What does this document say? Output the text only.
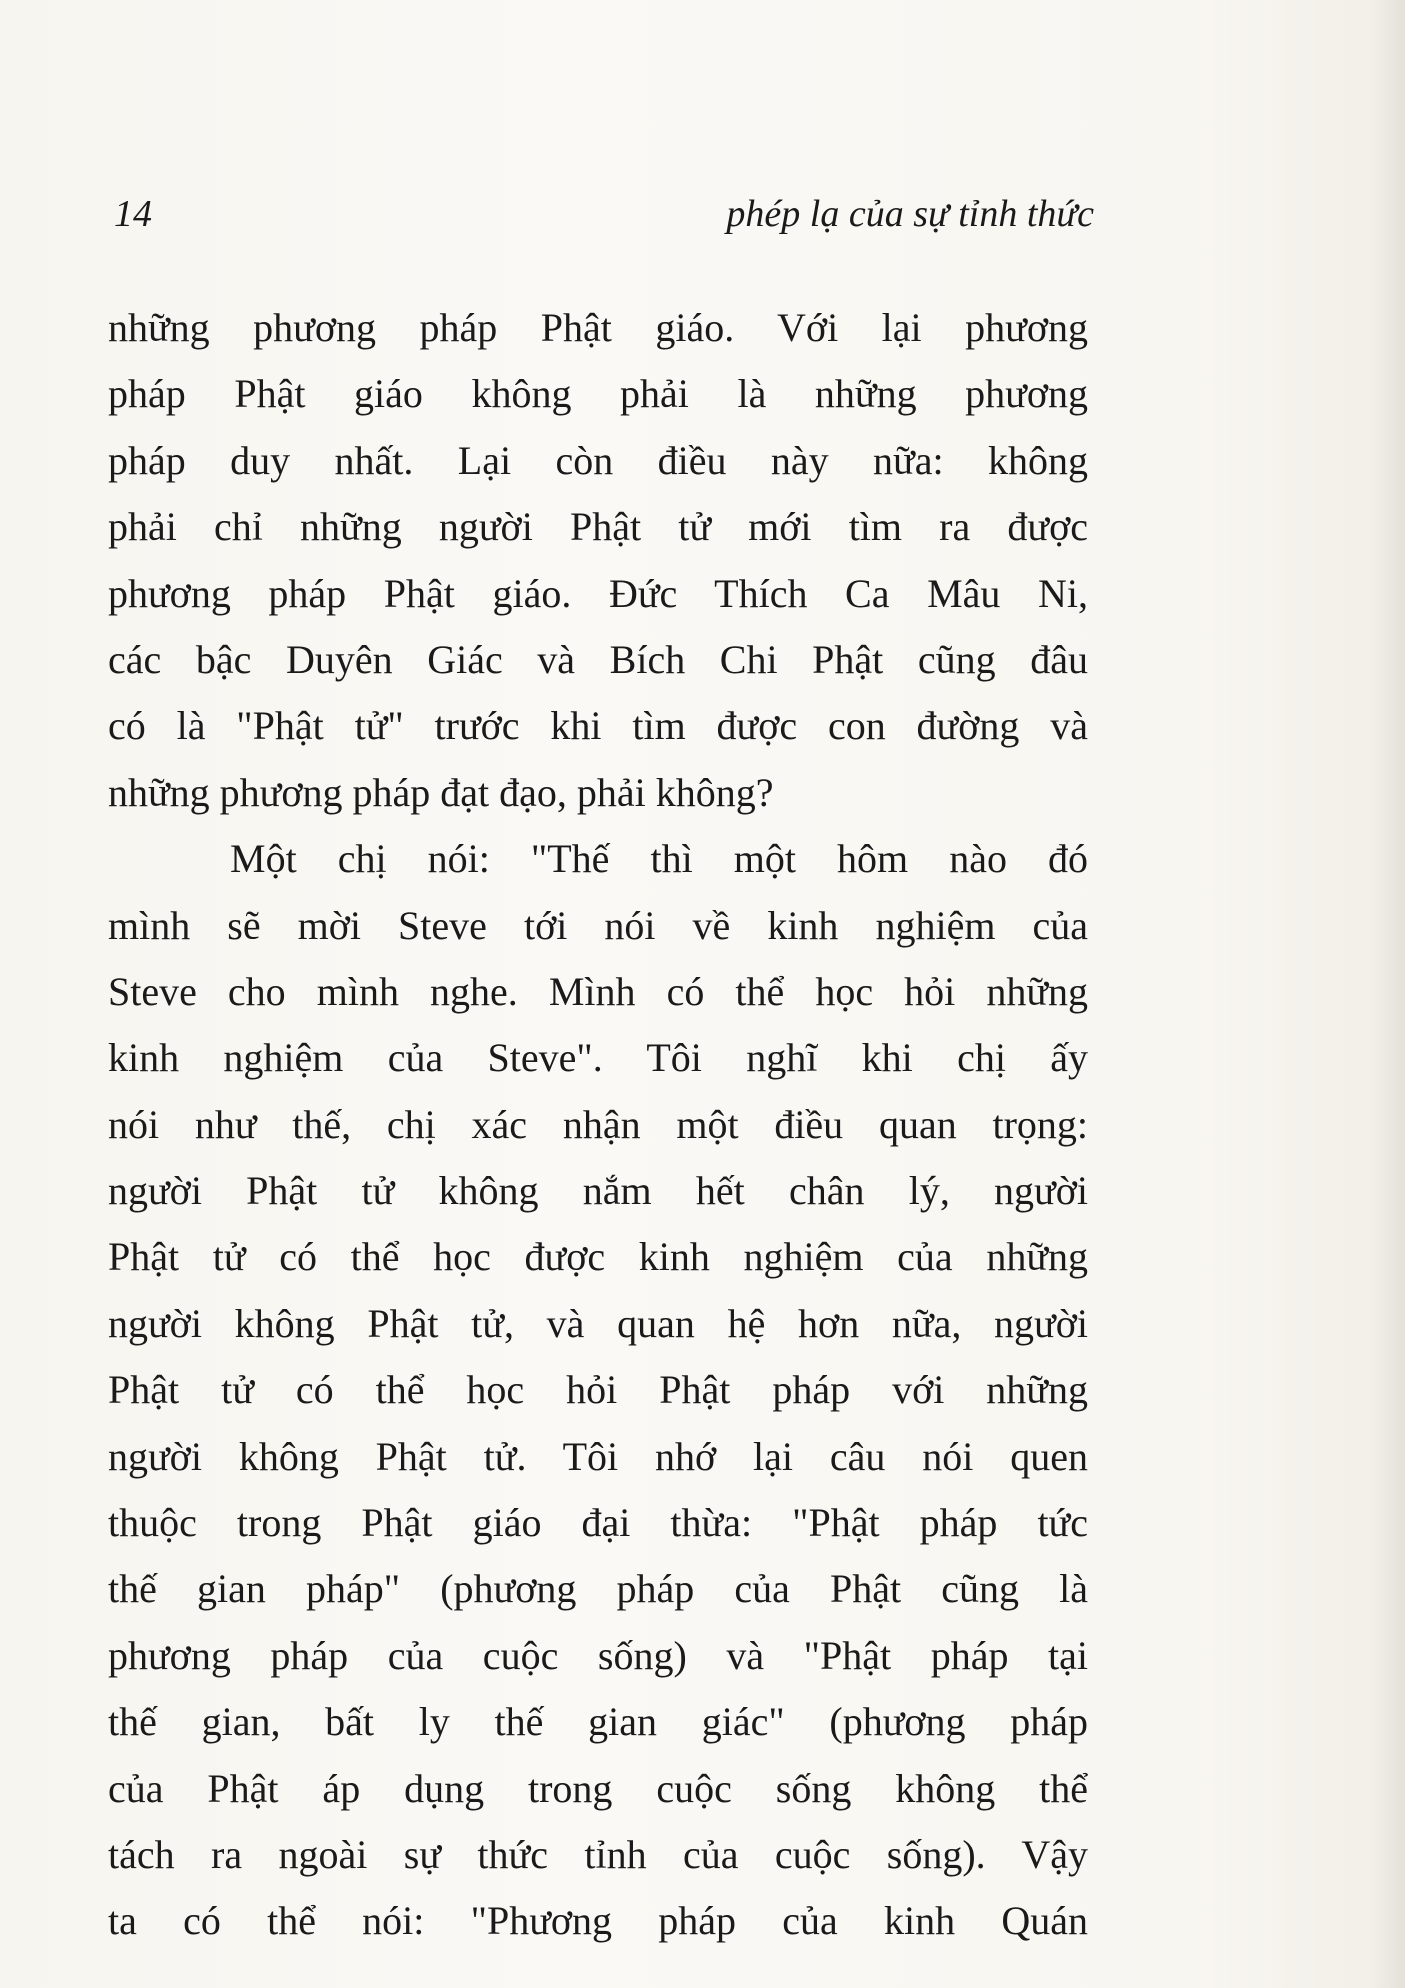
14	phép lạ của sự tỉnh thức
những phương pháp Phật giáo. Với lại phương
pháp Phật giáo không phải là những phương
pháp duy nhất. Lại còn điều này nữa: không
phải chỉ những người Phật tử mới tìm ra được
phương pháp Phật giáo. Đức Thích Ca Mâu Ni,
các bậc Duyên Giác và Bích Chi Phật cũng đâu
có là "Phật tử" trước khi tìm được con đường và
những phương pháp đạt đạo, phải không?
Một chị nói: "Thế thì một hôm nào đó
mình sẽ mời Steve tới nói về kinh nghiệm của
Steve cho mình nghe. Mình có thể học hỏi những
kinh nghiệm của Steve". Tôi nghĩ khi chị ấy
nói như thế, chị xác nhận một điều quan trọng:
người Phật tử không nắm hết chân lý, người
Phật tử có thể học được kinh nghiệm của những
người không Phật tử, và quan hệ hơn nữa, người
Phật tử có thể học hỏi Phật pháp với những
người không Phật tử. Tôi nhớ lại câu nói quen
thuộc trong Phật giáo đại thừa: "Phật pháp tức
thế gian pháp" (phương pháp của Phật cũng là
phương pháp của cuộc sống) và "Phật pháp tại
thế gian, bất ly thế gian giác" (phương pháp
của Phật áp dụng trong cuộc sống không thể
tách ra ngoài sự thức tỉnh của cuộc sống). Vậy
ta có thể nói: "Phương pháp của kinh Quán
